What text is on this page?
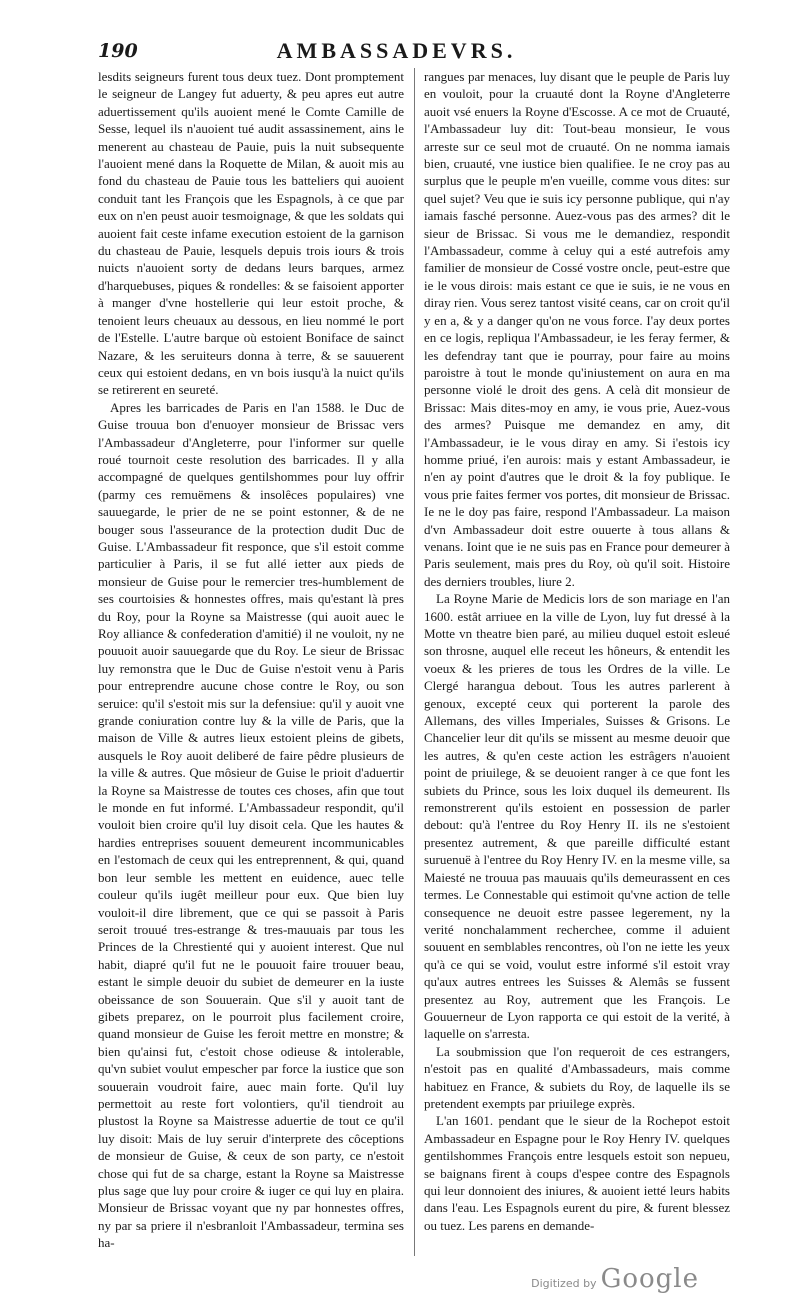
190	AMBASSADEVRS.

lesdits seigneurs furent tous deux tuez. Dont promptement le seigneur de Langey fut aduerty, & peu apres eut autre aduertissement qu'ils auoient mené le Comte Camille de Sesse, lequel ils n'auoient tué audit assassinement, ains le menerent au chasteau de Pauie, puis la nuit subsequente l'auoient mené dans la Roquette de Milan, & auoit mis au fond du chasteau de Pauie tous les batteliers qui auoient conduit tant les François que les Espagnols, à ce que par eux on n'en peust auoir tesmoignage, & que les soldats qui auoient fait ceste infame execution estoient de la garnison du chasteau de Pauie, lesquels depuis trois iours & trois nuicts n'auoient sorty de dedans leurs barques, armez d'harquebuses, piques & rondelles: & se faisoient apporter à manger d'vne hostellerie qui leur estoit proche, & tenoient leurs cheuaux au dessous, en lieu nommé le port de l'Estelle. L'autre barque où estoient Boniface de sainct Nazare, & les seruiteurs donna à terre, & se sauuerent ceux qui estoient dedans, en vn bois iusqu'à la nuict qu'ils se retirerent en seureté.

Apres les barricades de Paris en l'an 1588. le Duc de Guise trouua bon d'enuoyer monsieur de Brissac vers l'Ambassadeur d'Angleterre, pour l'informer sur quelle roué tournoit ceste resolution des barricades. Il y alla accompagné de quelques gentilshommes pour luy offrir (parmy ces remuëmens & insolêces populaires) vne sauuegarde, le prier de ne se point estonner, & de ne bouger sous l'asseurance de la protection dudit Duc de Guise. L'Ambassadeur fit responce, que s'il estoit comme particulier à Paris, il se fut allé ietter aux pieds de monsieur de Guise pour le remercier tres-humblement de ses courtoisies & honnestes offres, mais qu'estant là pres du Roy, pour la Royne sa Maistresse (qui auoit auec le Roy alliance & confederation d'amitié) il ne vouloit, ny ne pouuoit auoir sauuegarde que du Roy. Le sieur de Brissac luy remonstra que le Duc de Guise n'estoit venu à Paris pour entreprendre aucune chose contre le Roy, ou son seruice: qu'il s'estoit mis sur la defensiue: qu'il y auoit vne grande coniuration contre luy & la ville de Paris, que la maison de Ville & autres lieux estoient pleins de gibets, ausquels le Roy auoit deliberé de faire pêdre plusieurs de la ville & autres. Que môsieur de Guise le prioit d'aduertir la Royne sa Maistresse de toutes ces choses, afin que tout le monde en fut informé. L'Ambassadeur respondit, qu'il vouloit bien croire qu'il luy disoit cela. Que les hautes & hardies entreprises souuent demeurent incommunicables en l'estomach de ceux qui les entreprennent, & qui, quand bon leur semble les mettent en euidence, auec telle couleur qu'ils iugêt meilleur pour eux. Que bien luy vouloit-il dire librement, que ce qui se passoit à Paris seroit trouué tres-estrange & tres-mauuais par tous les Princes de la Chrestienté qui y auoient interest. Que nul habit, diapré qu'il fut ne le pouuoit faire trouuer beau, estant le simple deuoir du subiet de demeurer en la iuste obeissance de son Souuerain. Que s'il y auoit tant de gibets preparez, on le pourroit plus facilement croire, quand monsieur de Guise les feroit mettre en monstre; & bien qu'ainsi fut, c'estoit chose odieuse & intolerable, qu'vn subiet voulut empescher par force la iustice que son souuerain voudroit faire, auec main forte. Qu'il luy permettoit au reste fort volontiers, qu'il tiendroit au plustost la Royne sa Maistresse aduertie de tout ce qu'il luy disoit: Mais de luy seruir d'interprete des côceptions de monsieur de Guise, & ceux de son party, ce n'estoit chose qui fut de sa charge, estant la Royne sa Maistresse plus sage que luy pour croire & iuger ce qui luy en plaira. Monsieur de Brissac voyant que ny par honnestes offres, ny par sa priere il n'esbranloit l'Ambassadeur, termina ses ha-

rangues par menaces, luy disant que le peuple de Paris luy en vouloit, pour la cruauté dont la Royne d'Angleterre auoit vsé enuers la Royne d'Escosse. A ce mot de Cruauté, l'Ambassadeur luy dit: Tout-beau monsieur, Ie vous arreste sur ce seul mot de cruauté. On ne nomma iamais bien, cruauté, vne iustice bien qualifiee. Ie ne croy pas au surplus que le peuple m'en vueille, comme vous dites: sur quel sujet? Veu que ie suis icy personne publique, qui n'ay iamais fasché personne. Auez-vous pas des armes? dit le sieur de Brissac. Si vous me le demandiez, respondit l'Ambassadeur, comme à celuy qui a esté autrefois amy familier de monsieur de Cossé vostre oncle, peut-estre que ie le vous dirois: mais estant ce que ie suis, ie ne vous en diray rien. Vous serez tantost visité ceans, car on croit qu'il y en a, & y a danger qu'on ne vous force. I'ay deux portes en ce logis, repliqua l'Ambassadeur, ie les feray fermer, & les defendray tant que ie pourray, pour faire au moins paroistre à tout le monde qu'iniustement on aura en ma personne violé le droit des gens. A celà dit monsieur de Brissac: Mais dites-moy en amy, ie vous prie, Auez-vous des armes? Puisque me demandez en amy, dit l'Ambassadeur, ie le vous diray en amy. Si i'estois icy homme priué, i'en aurois: mais y estant Ambassadeur, ie n'en ay point d'autres que le droit & la foy publique. Ie vous prie faites fermer vos portes, dit monsieur de Brissac. Ie ne le doy pas faire, respond l'Ambassadeur. La maison d'vn Ambassadeur doit estre ouuerte à tous allans & venans. Ioint que ie ne suis pas en France pour demeurer à Paris seulement, mais pres du Roy, où qu'il soit. Histoire des derniers troubles, liure 2.

La Royne Marie de Medicis lors de son mariage en l'an 1600. estât arriuee en la ville de Lyon, luy fut dressé à la Motte vn theatre bien paré, au milieu duquel estoit esleué son throsne, auquel elle receut les hôneurs, & entendit les voeux & les prieres de tous les Ordres de la ville. Le Clergé harangua debout. Tous les autres parlerent à genoux, excepté ceux qui porterent la parole des Allemans, des villes Imperiales, Suisses & Grisons. Le Chancelier leur dit qu'ils se missent au mesme deuoir que les autres, & qu'en ceste action les estrâgers n'auoient point de priuilege, & se deuoient ranger à ce que font les subiets du Prince, sous les loix duquel ils demeurent. Ils remonstrerent qu'ils estoient en possession de parler debout: qu'à l'entree du Roy Henry II. ils ne s'estoient presentez autrement, & que pareille difficulté estant suruenuë à l'entree du Roy Henry IV. en la mesme ville, sa Maiesté ne trouua pas mauuais qu'ils demeurassent en ces termes. Le Connestable qui estimoit qu'vne action de telle consequence ne deuoit estre passee legerement, ny la verité nonchalamment recherchee, comme il aduient souuent en semblables rencontres, où l'on ne iette les yeux qu'à ce qui se void, voulut estre informé s'il estoit vray qu'aux autres entrees les Suisses & Alemâs se fussent presentez au Roy, autrement que les François. Le Gouuerneur de Lyon rapporta ce qui estoit de la verité, à laquelle on s'arresta.

La soubmission que l'on requeroit de ces estrangers, n'estoit pas en qualité d'Ambassadeurs, mais comme habituez en France, & subiets du Roy, de laquelle ils se pretendent exempts par priuilege exprès.

L'an 1601. pendant que le sieur de la Rochepot estoit Ambassadeur en Espagne pour le Roy Henry IV. quelques gentilshommes François entre lesquels estoit son nepueu, se baignans firent à coups d'espee contre des Espagnols qui leur donnoient des iniures, & auoient ietté leurs habits dans l'eau. Les Espagnols eurent du pire, & furent blessez ou tuez. Les parens en demande-

Digitized by Google
